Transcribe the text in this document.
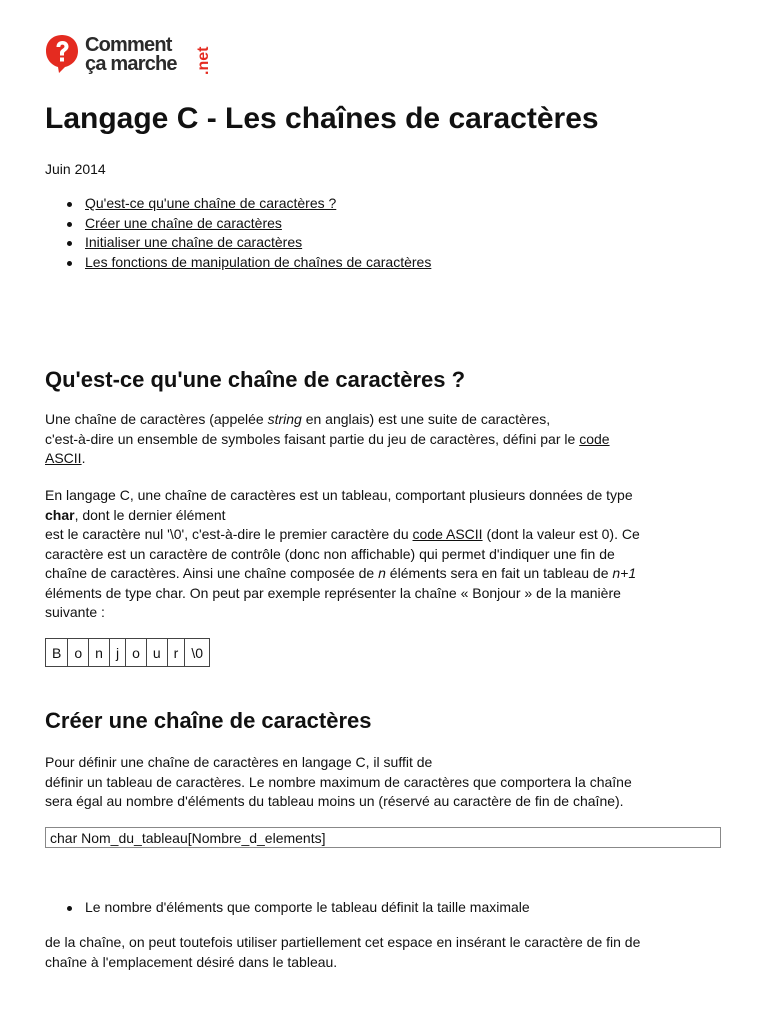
Comment
ça marche .net
Langage C - Les chaînes de caractères
Juin 2014
Qu'est-ce qu'une chaîne de caractères ?
Créer une chaîne de caractères
Initialiser une chaîne de caractères
Les fonctions de manipulation de chaînes de caractères
Qu'est-ce qu'une chaîne de caractères ?

Une chaîne de caractères (appelée string en anglais) est une suite de caractères,

c'est-à-dire un ensemble de symboles faisant partie du jeu de caractères, défini par le code

ASCII.

En langage C, une chaîne de caractères est un tableau, comportant plusieurs données de type

char, dont le dernier élément

est le caractère nul '\0', c'est-à-dire le premier caractère du code ASCII (dont la valeur est 0). Ce

caractère est un caractère de contrôle (donc non affichable) qui permet d'indiquer une fin de

chaîne de caractères. Ainsi une chaîne composée de n éléments sera en fait un tableau de n+1

éléments de type char. On peut par exemple représenter la chaîne « Bonjour » de la manière

suivante :

B	o	n	j	o	u	r	\0
Créer une chaîne de caractères

Pour définir une chaîne de caractères en langage C, il suffit de

définir un tableau de caractères. Le nombre maximum de caractères que comportera la chaîne

sera égal au nombre d'éléments du tableau moins un (réservé au caractère de fin de chaîne).

char Nom_du_tableau[Nombre_d_elements]
Le nombre d'éléments que comporte le tableau définit la taille maximale

de la chaîne, on peut toutefois utiliser partiellement cet espace en insérant le caractère de fin de

chaîne à l'emplacement désiré dans le tableau.
